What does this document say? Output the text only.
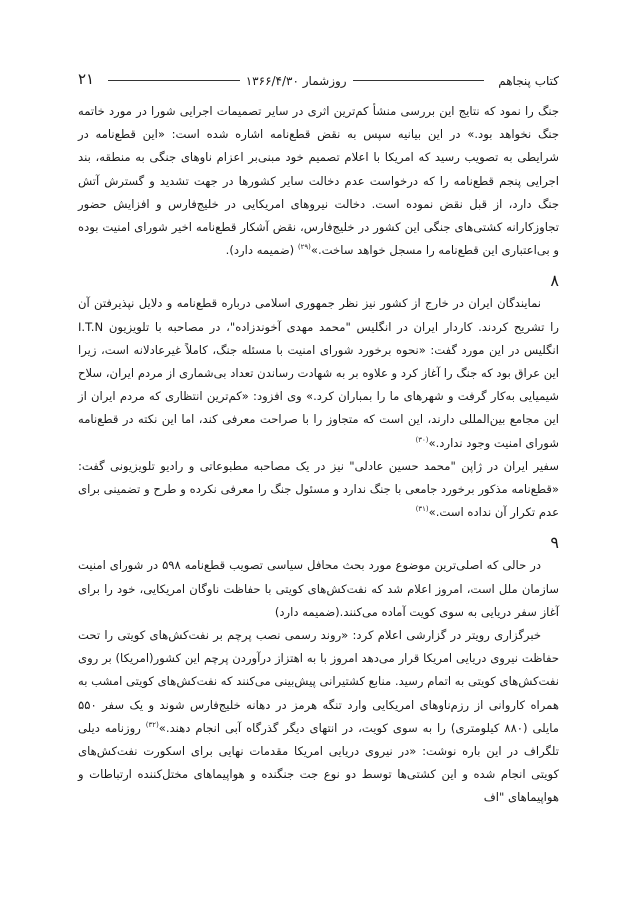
کتاب پنجاهم
روزشمار ۱۳۶۶/۴/۳۰
۲۱

جنگ را نمود که نتایج این بررسی منشأ کم‌ترین اثری در سایر تصمیمات اجرایی شورا در مورد خاتمه جنگ نخواهد بود.» در این بیانیه سپس به نقض قطع‌نامه اشاره شده است: «این قطع‌نامه در شرایطی به تصویب رسید که امریکا با اعلام تصمیم خود مبنی‌بر اعزام ناوهای جنگی به منطقه، بند اجرایی پنجم قطع‌نامه را که درخواست عدم دخالت سایر کشورها در جهت تشدید و گسترش آتش جنگ دارد، از قبل نقض نموده است. دخالت نیروهای امریکایی در خلیج‌فارس و افزایش حضور تجاوزکارانه کشتی‌های جنگی این کشور در خلیج‌فارس، نقض آشکار قطع‌نامه اخیر شورای امنیت بوده و بی‌اعتباری این قطع‌نامه را مسجل خواهد ساخت.»$^{(۲۹)}$ (ضمیمه دارد).

۸

نمایندگان ایران در خارج از کشور نیز نظر جمهوری اسلامی درباره قطع‌نامه و دلایل نپذیرفتن آن را تشریح کردند. کاردار ایران در انگلیس "محمد مهدی آخوندزاده"، در مصاحبه با تلویزیون I.T.N انگلیس در این مورد گفت: «نحوه برخورد شورای امنیت با مسئله جنگ، کاملاً غیرعادلانه است، زیرا این عراق بود که جنگ را آغاز کرد و علاوه بر به شهادت رساندن تعداد بی‌شماری از مردم ایران، سلاح شیمیایی به‌کار گرفت و شهرهای ما را بمباران کرد.» وی افزود: «کم‌ترین انتظاری که مردم ایران از این مجامع بین‌المللی دارند، این است که متجاوز را با صراحت معرفی کند، اما این نکته در قطع‌نامه شورای امنیت وجود ندارد.»$^{(۳۰)}$

سفیر ایران در ژاپن "محمد حسین عادلی" نیز در یک مصاحبه مطبوعاتی و رادیو تلویزیونی گفت: «قطع‌نامه مذکور برخورد جامعی با جنگ ندارد و مسئول جنگ را معرفی نکرده و طرح و تضمینی برای عدم تکرار آن نداده است.»$^{(۳۱)}$

۹

در حالی که اصلی‌ترین موضوع مورد بحث محافل سیاسی تصویب قطع‌نامه ۵۹۸ در شورای امنیت سازمان ملل است، امروز اعلام شد که نفت‌کش‌های کویتی با حفاظت ناوگان امریکایی، خود را برای آغاز سفر دریایی به سوی کویت آماده می‌کنند.(ضمیمه دارد)

خبرگزاری رویتر در گزارشی اعلام کرد: «روند رسمی نصب پرچم بر نفت‌کش‌های کویتی را تحت حفاظت نیروی دریایی امریکا قرار می‌دهد امروز با به اهتزاز درآوردن پرچم این کشور(امریکا) بر روی نفت‌کش‌های کویتی به اتمام رسید. منابع کشتیرانی پیش‌بینی می‌کنند که نفت‌کش‌های کویتی امشب به همراه کاروانی از رزم‌ناوهای امریکایی وارد تنگه هرمز در دهانه خلیج‌فارس شوند و یک سفر ۵۵۰ مایلی (۸۸۰ کیلومتری) را به سوی کویت، در انتهای دیگر گذرگاه آبی انجام دهند.»$^{(۳۲)}$ روزنامه دیلی تلگراف در این باره نوشت: «در نیروی دریایی امریکا مقدمات نهایی برای اسکورت نفت‌کش‌های کویتی انجام شده و این کشتی‌ها توسط دو نوع جت جنگنده و هواپیماهای مختل‌کننده ارتباطات و هواپیماهای "اف
